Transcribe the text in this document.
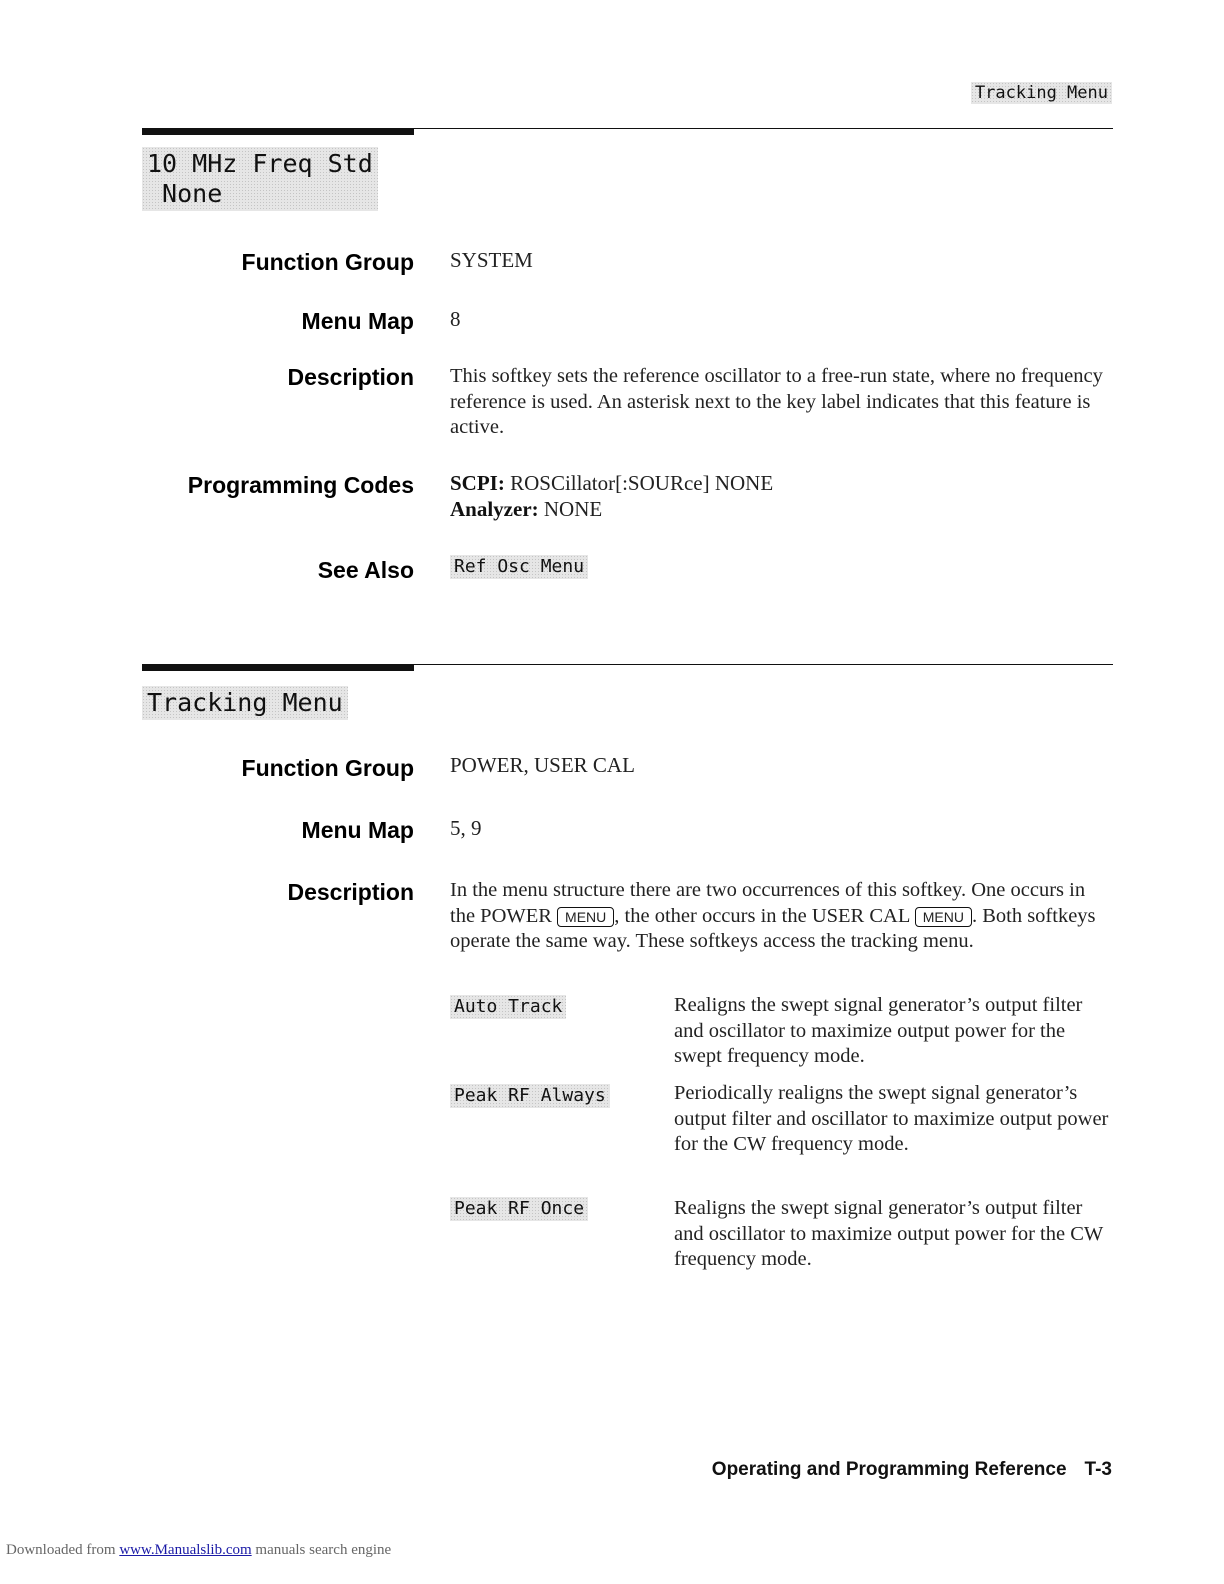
Tracking Menu
10 MHz Freq Std
None
Function Group SYSTEM
Menu Map 8
Description This softkey sets the reference oscillator to a free-run state, where no frequency reference is used. An asterisk next to the key label indicates that this feature is active.
Programming Codes SCPI: ROSCillator[:SOURce] NONE
Analyzer: NONE
See Also Ref Osc Menu
Tracking Menu
Function Group POWER, USER CAL
Menu Map 5, 9
Description In the menu structure there are two occurrences of this softkey. One occurs in the POWER MENU , the other occurs in the USER CAL MENU . Both softkeys operate the same way. These softkeys access the tracking menu.
Auto Track	Realigns the swept signal generator’s output filter and oscillator to maximize output power for the swept frequency mode.
Peak RF Always	Periodically realigns the swept signal generator’s output filter and oscillator to maximize output power for the CW frequency mode.
Peak RF Once	Realigns the swept signal generator’s output filter and oscillator to maximize output power for the CW frequency mode.
Operating and Programming Reference T-3
Downloaded from www.Manualslib.com manuals search engine
